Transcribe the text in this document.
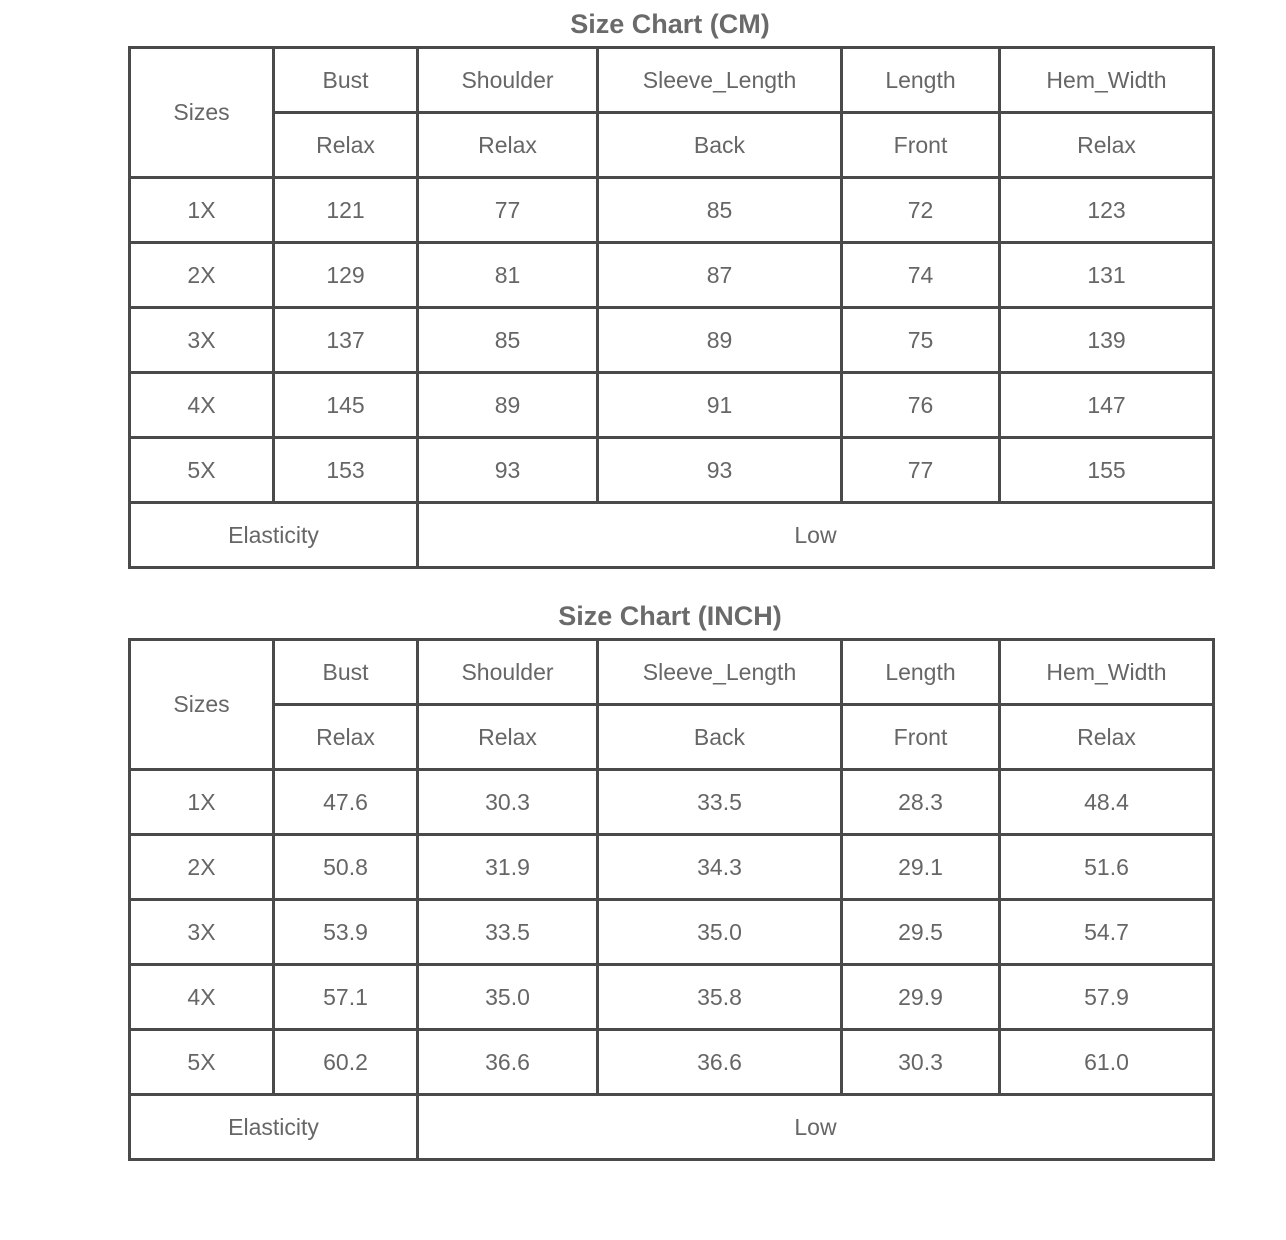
Size Chart (CM)
Sizes	Bust	Shoulder	Sleeve_Length	Length	Hem_Width
	Relax	Relax	Back	Front	Relax
1X	121	77	85	72	123
2X	129	81	87	74	131
3X	137	85	89	75	139
4X	145	89	91	76	147
5X	153	93	93	77	155
Elasticity		Low			
Size Chart (INCH)
Sizes	Bust	Shoulder	Sleeve_Length	Length	Hem_Width
	Relax	Relax	Back	Front	Relax
1X	47.6	30.3	33.5	28.3	48.4
2X	50.8	31.9	34.3	29.1	51.6
3X	53.9	33.5	35.0	29.5	54.7
4X	57.1	35.0	35.8	29.9	57.9
5X	60.2	36.6	36.6	30.3	61.0
Elasticity		Low			
